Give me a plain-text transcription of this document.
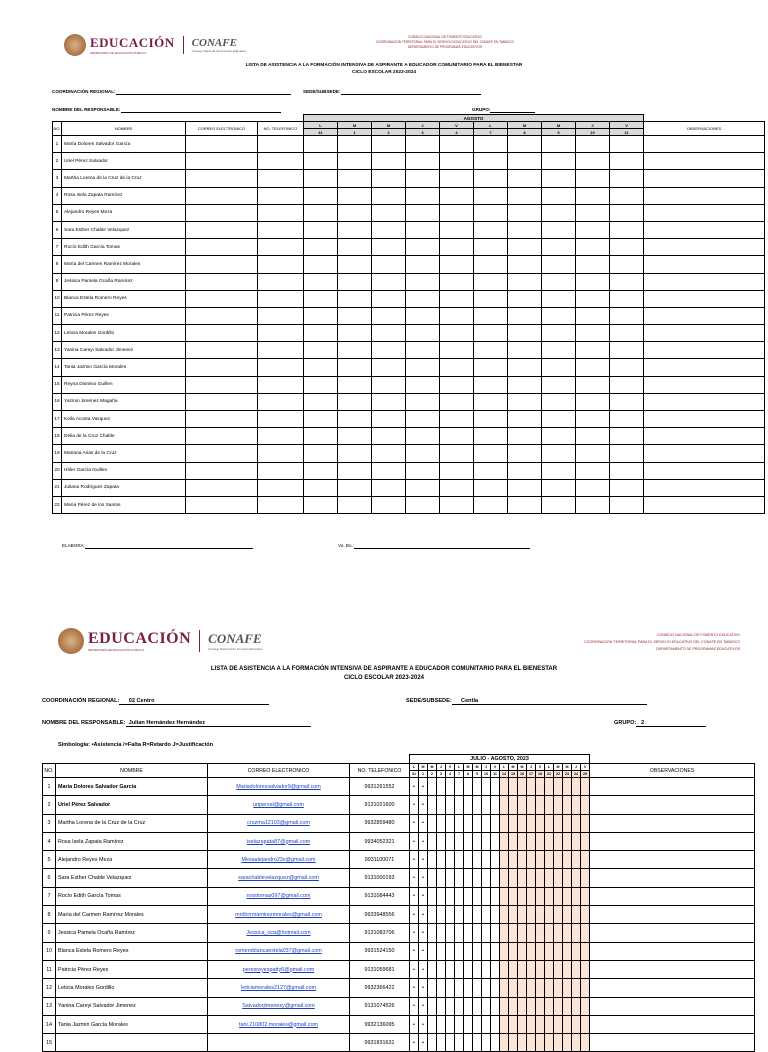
EDUCACIÓN
SECRETARÍA DE EDUCACIÓN PÚBLICA
CONAFE
Consejo Nacional de Fomento Educativo
CONSEJO NACIONAL DE FOMENTO EDUCATIVO
COORDINACIÓN TERRITORIAL PARA EL SERVICIO EDUCATIVO DEL CONAFE EN TABASCO
DEPARTAMENTO DE PROGRAMAS EDUCATIVOS
LISTA DE ASISTENCIA A LA FORMACIÓN INTENSIVA DE ASPIRANTE A EDUCADOR COMUNITARIO PARA EL BIENESTAR
CICLO ESCOLAR 2023-2024
COORDINACIÓN REGIONAL:	SEDE/SUBSEDE:
NOMBRE DEL RESPONSABLE:	GRUPO:
				AGOSTO										
NO.	NOMBRE	CORREO ELECTRONICO	NO. TELEFONICO	L	M	M	J	V	L	M	M	J	V	OBSERVACIONES
				31	1	2	3	4	7	8	9	10	11	
1	María Dolores Salvador García													
2	Uriel Pérez Salvador													
3	Martha Lorena de la Cruz de la Cruz													
4	Rosa Isela Zapata Ramírez													
5	Alejandro Reyes Meza													
6	Sara Esther Chable Velazquez													
7	Rocío Edith García Tomas													
8	María del Carmen Ramírez Morales													
9	Jessica Pamela Ocaña Ramírez													
10	Blanca Estela Romero Reyes													
11	Patricia Pérez Reyes													
12	Leticia Morales Gordillo													
13	Yanina Careyi Salvador Jimenez													
14	Tania Jazmin García Morales													
15	Reyna Dionisio Guillen													
16	Yazmin Jiménez Magaña													
17	Keila Acosta Vazquez													
18	Delia de la Cruz Chable													
19	Mariana Arias de la Cruz													
20	Hitler García Guillen													
21	Juliana Rodríguez Zapata													
22	María Pérez de los Santos													
ELABORA:	Vo. Bo.:
EDUCACIÓN
SECRETARÍA DE EDUCACIÓN PÚBLICA
CONAFE
Consejo Nacional de Fomento Educativo
CONSEJO NACIONAL DE FOMENTO EDUCATIVO
COORDINACIÓN TERRITORIAL PARA EL SERVICIO EDUCATIVO DEL CONAFE EN TABASCO
DEPARTAMENTO DE PROGRAMAS EDUCATIVOS
LISTA DE ASISTENCIA A LA FORMACIÓN INTENSIVA DE ASPIRANTE A EDUCADOR COMUNITARIO PARA EL BIENESTAR
CICLO ESCOLAR 2023-2024
COORDINACIÓN REGIONAL: 02 Centro	SEDE/SUBSEDE: Centla
NOMBRE DEL RESPONSABLE: Julian Hernández Hernández	GRUPO: 2
Simbología: •Asistencia /=Falta R=Retardo J=Justificación
				JULIO - AGOSTO, 2023																				
NO.	NOMBRE	CORREO ELECTRONICO	NO. TELEFONICO	L	M	M	J	V	L	M	M	J	V	L	M	M	J	V	L	M	M	J	V	OBSERVACIONES
				31	1	2	3	4	7	8	9	10	11	14	15	16	17	18	21	22	23	24	25	
1	María Dolores Salvador García	Mariadoloressalvador9@gmail.com	9931261552	•	•																			
2	Uriel Pérez Salvador	uripersal@gmail.com	9131021600	•	•																			
3	Martha Lorena de la Cruz de la Cruz	cruzma12103@gmail.com	9932859480	•	•																			
4	Rosa Isela Zapata Ramírez	iselazapata87@gmail.com	9934052321	•	•																			
5	Alejandro Reyes Meza	Mesaalejandro23x@gmail.com	9931100071	•	•																			
6	Sara Esther Chable Velazquez	sarachablevelazquez@gmail.com	9131000193	•	•																			
7	Rocío Edith García Tomas	rosstomas097@gmail.com	9131084443	•	•																			
8	María del Carmen Ramírez Morales	mrdlcrmramirezmorales@gmail.com	9933948556	•	•																			
9	Jessica Pamela Ocaña Ramírez	Jessica_oca@hotmail.com	9131083706	•	•																			
10	Blanca Estela Romero Reyes	romeroblancaestela037@gmail.com	9931524150	•	•																			
11	Patricia Pérez Reyes	perezreyespatty6@gmail.com	9131059681	•	•																			
12	Leticia Morales Gordillo	leticiamorales2127@gmail.com	9932366422	•	•																			
13	Yanina Careyi Salvador Jimenez	Salvadorjimenezy@gmail.com	9131074526	•	•																			
14	Tania Jazmin García Morales	tani.210802.morales@gmail.com	9932136095	•	•																			
15			9931831631	•	•																			
